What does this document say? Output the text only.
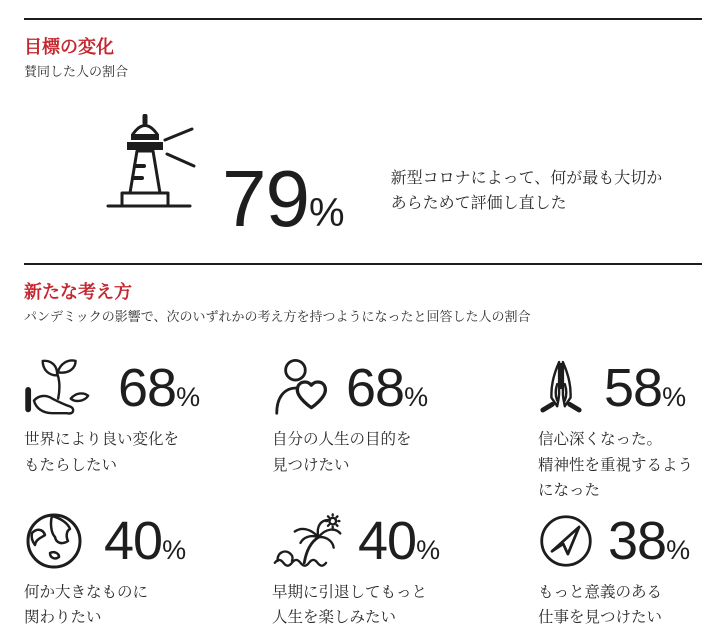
目標の変化
賛同した人の割合
79%
新型コロナによって、何が最も大切か
あらためて評価し直した
新たな考え方
パンデミックの影響で、次のいずれかの考え方を持つようになったと回答した人の割合
68%
世界により良い変化を
もたらしたい
68%
自分の人生の目的を
見つけたい
58%
信心深くなった。
精神性を重視するよう
になった
40%
何か大きなものに
関わりたい
40%
早期に引退してもっと
人生を楽しみたい
38%
もっと意義のある
仕事を見つけたい
